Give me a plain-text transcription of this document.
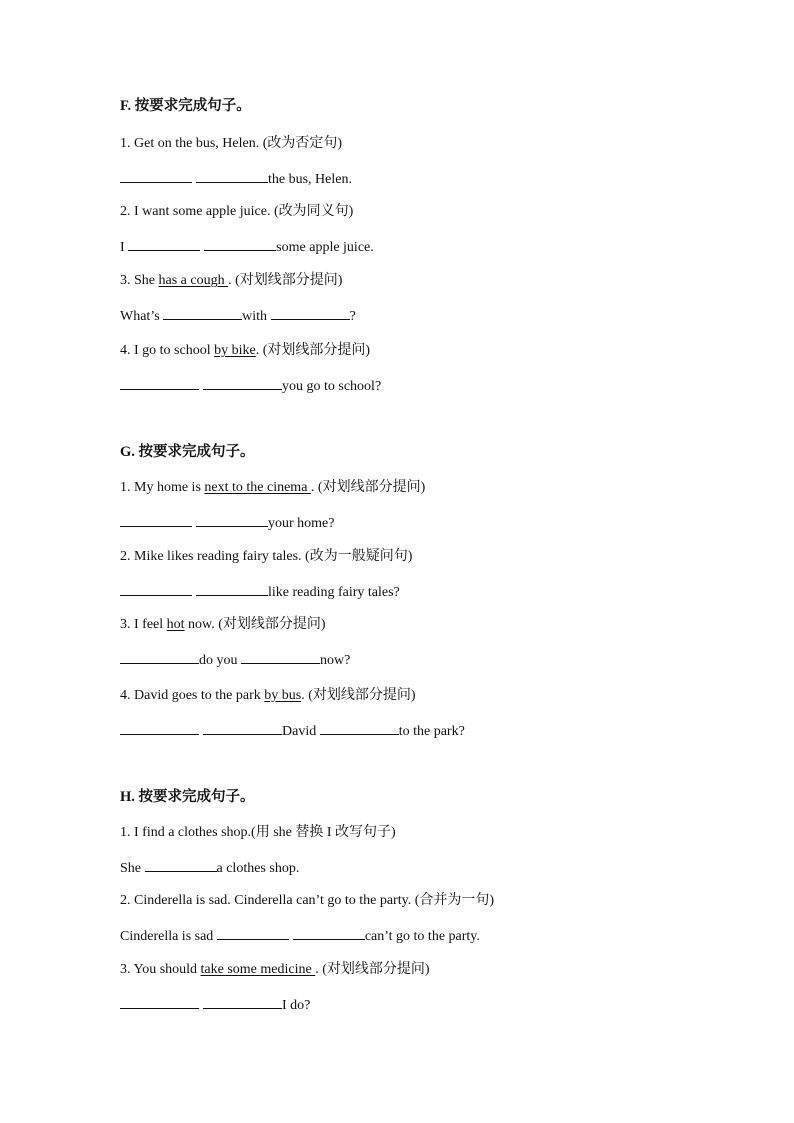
F. 按要求完成句子。
1. Get on the bus, Helen. (改为否定句)
the bus, Helen.
2. I want some apple juice. (改为同义句)
I	some apple juice.
3. She has a cough . (对划线部分提问)
What’s	with	?
4. I go to school by bike. (对划线部分提问)
you go to school?
G. 按要求完成句子。
1. My home is next to the cinema . (对划线部分提问)
your home?
2. Mike likes reading fairy tales. (改为一般疑问句)
like reading fairy tales?
3. I feel hot now. (对划线部分提问)
do you	now?
4. David goes to the park by bus. (对划线部分提问)
David	to the park?
H. 按要求完成句子。
1. I find a clothes shop.(用 she 替换 I 改写句子)
She	a clothes shop.
2. Cinderella is sad. Cinderella can’t go to the party. (合并为一句)
Cinderella is sad	can’t go to the party.
3. You should take some medicine . (对划线部分提问)
I do?
